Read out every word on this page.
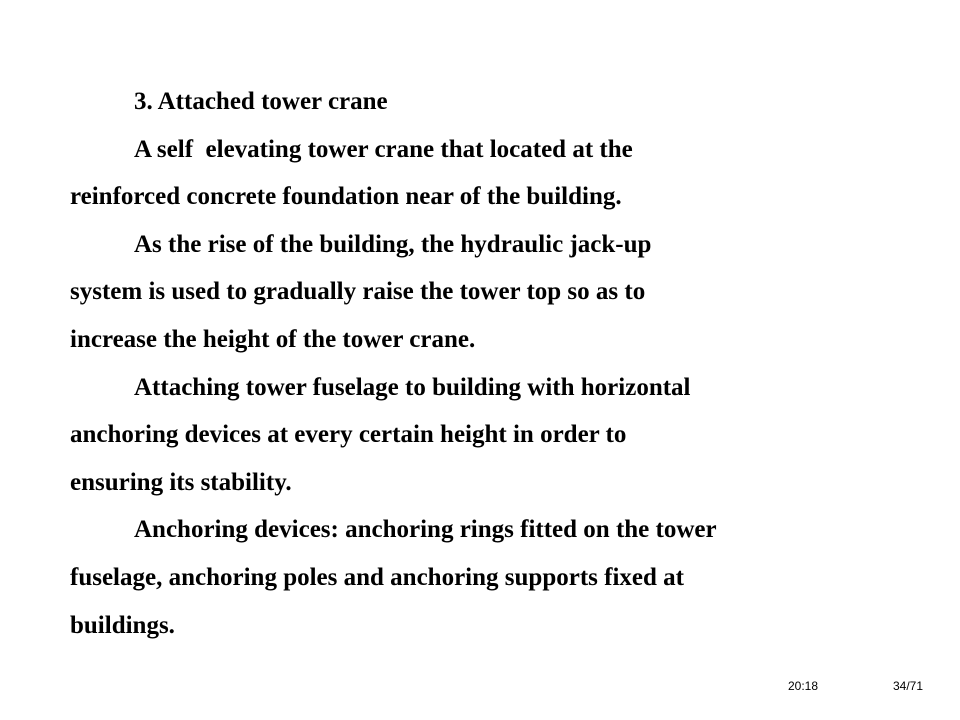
3. Attached tower crane
A self  elevating tower crane that located at the
reinforced concrete foundation near of the building.
As the rise of the building, the hydraulic jack-up
system is used to gradually raise the tower top so as to
increase the height of the tower crane.
Attaching tower fuselage to building with horizontal
anchoring devices at every certain height in order to
ensuring its stability.
Anchoring devices: anchoring rings fitted on the tower
fuselage, anchoring poles and anchoring supports fixed at
buildings.
20:18	34/71
